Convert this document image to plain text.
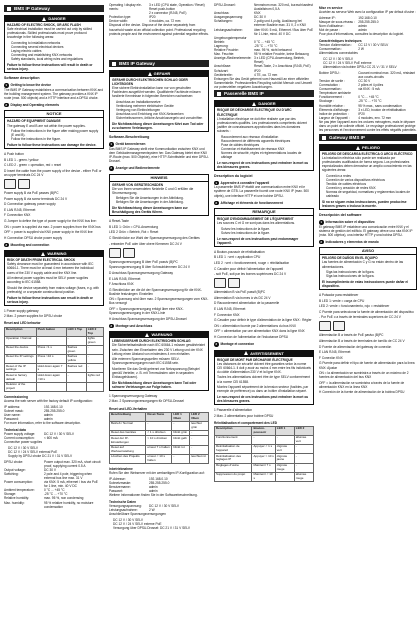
BMS IP Gateway
DANGER
HAZARD OF ELECTRIC SHOCK, OR ARC FLASH

Safe electrical installation must be carried out only by skilled professionals. Skilled professionals must prove profound knowledge in the following areas:

• Connecting to installation networks
• Connecting several electrical devices
• Laying electric cables
• Connecting and establishing KNX networks
• Safety standards, local wiring rules and regulations
Failure to follow these instructions will result in death or serious injury.
Software description
1 Getting to know the device

The BMS IP Gateway establishes a communication between KNX and the building management system. The gateway provides a KNX IP route (max. 500 objects) and a HTTP interface and a DPSU choke.

2 Display and Operating elements
NOTICE
HAZARD OF EQUIPMENT DAMAGE

The gateway E and B are not within the power supplies.

• Follow the instructions in the figure after making power supply (E and B).
• Follow the instructions in the figure.
Failure to follow these instructions can damage the device.

A Push button

B LED 1 - green / yellow

C LED 2 - green = operation, red = reset

D Insert the cable from the power supply of the device - either PoE or an upper terminals DC 24 V

Power supply B via PoE passes (B)PC

Power supply B via screw terminals DC 24 V

D Connection gateway power supply

E LAN RJ45, Ethernet

F Connection KNX

G Jumper to define the type of power supply for the KNX bus line:

ON = power is supplied via max. 2 power supplies from the KNX bus

OFF = power is supplied via KNX power supply in the KNX line

H Connection DPSU choke power supply

3 Mounting and connection
WARNING
RISK OF DEATH FROM ELECTRICAL SHOCK

Safety clearance must be guaranteed in accordance with IEC 60664-1. There must be at least 4 mm between the individual cores of the 230 V supply cable and the KNX line.

All external power supplies must be SELV power supplies according to IEC 61558.

Should the device separately from mains voltage (fuses, e.g. with preferably) or a separate constructional position.

Failure to follow these instructions can result in death or serious injury.

1 Power supply gateway

2 Max. 2 power supplies for DPSU choke

Reset and LED behavior
Description	Push button	LED 1 Top	LED 2 Top
Operation / Normal	-	-	lights green
Reset the device	Press <1 s	flashes green	-
Reset the IP settings	Press >10 s	flashes yellow	-
Reset of the IP settings	Hold down again 7 s	flashes red	-
Reset to factory default	Hold down again <10 s	-	lights red
Deletion of the project			
Commissioning

Access the web server with the factory default IP configuration:

IP address:	192.168.0.10
Subnet mask:	255.255.255.0
User name:	admin
Password:	admin

For more information, refer to the software description.

Technical data
Power supply voltage:	DC 12 V / 30 V SELV
Current consumption:	< 600 mA

Connective power supplies

• DC 12 V / 30 V SELV
• DC 12 V / 24 V SELV external PoE
• Supply by DPSU choke DC 21 V / 31 V SELV
DPSU choke:	Power output max. 320 mA, short circuit proof, supplying current 0.5 A
Output voltage:	DC 30 V
Switching:	2 pole and 4 pole, triggering when external bus line max. 31 V
Power consumption:	via KNX: 5 mA, ethernet / bus via PoE
for 1 line, min. 40 V DC
Ambient temperature:	0 °C ... +45 °C
Storage:	-25 °C ... +70 °C
Relative humidity:	max. 95 %, non condensing
Max. humidity:	95 % relative humidity, no moisture condensation
Operating / display ele-	3 x LED (CPU state, Operation / Reset)
ments:	Reset push-button
2 x connector (RJ45, PoE)
Protection type:	IP20
Device width:	4 modules, ca. 72 mm

Disposal of the device. Dispose of the device separately from household waste at an official collection point. Professional recycling protects people and the environment against potential negative effects.

BMS IP Gateway
GEFAHR
GEFAHR DURCH ELEKTRISCHEN SCHLAG ODER LICHTBOGEN

Eine sichere Elektroinstallation kann nur von geschulten Fachleuten ausgeführt werden. Qualifizierte Fachleute müssen fundierte Kenntnisse in folgenden Bereichen nachweisen:

• Anschluss an Installationsnetze
• Verbindung mehrerer elektrischer Geräte
• Verlegung von Elektroleitungen
• Anschluss und Errichtung von KNX-Netzwerken
• Sicherheitsnormen, örtliche Anschlussregeln und vorschriften
Die Nichtbeachtung dieser Anweisungen führt zum Tod oder zu schweren Verletzungen.
Software-Beschreibung
1 Gerät kennenlernen

Das BMS IP Gateway stellt eine Kommunikation zwischen KNX und dem Gebäudemanagementsystem her. Das Gateway bietet eine KNX IP-Route (max. 500 Objekte), eine HTTP-Schnittstelle und eine DPSU-Drossel.

2 Anzeige und Bedienelemente
HINWEIS
GEFAHR VON GERÄTESCHÄDEN

Die von Ihnen verwendeten Netzteile C und G erfüllen die Stromversorgung.

• Befolgen Sie die Anweisungen in der Abbildung.
• Befolgen Sie die Anweisungen in der Abbildung.
Die Nichtbeachtung dieser Anweisungen kann zur Beschädigung des Geräts führen.

A Reset-Taste

B LED 1: Grün = CPU-Anwendung

LED 2 Grün = Betrieb, Rot = Reset

C Steckbrücke zur Wahl der Spannungsversorgung des Gerätes

- entweder PoE oder über obere Klemmen DC 24 V

Spannungsversorgung B über PoE passiv (B)PC

Spannungsversorgung B über Schraubklemmen DC 24 V

D Anschluss Spannungsversorgung Gateway

E LAN RJ45, Ethernet

F Anschluss KNX

G Steckbrücke um die Art der Spannungsversorgung für die KNX-Buslinie festzulegen: Einstellen

ON = Spannung wird über max. 2 Spannungsversorgungen vom KNX-Bus versorgt

OFF = Spannungsversorgung erfolgt über eine KNX-Spannungsversorgung in der KNX-Linie

H Anschluss Spannungsversorgung der DPSU-Drossel

3 Montage und Anschluss
WARNUNG
LEBENSGEFAHR DURCH ELEKTRISCHEN SCHLAG

Die Sicherheitsabstände nach IEC 60664-1 müssen gewährleistet sein. Zwischen den Einzeladern des 230 V Leitung und der KNX Leitung einen Abstand von mindestens 4 mm einhalten.

Alle externen Spannungsquellen müssen SELV-Spannungsversorgungen nach IEC 61558 sein.

Montieren Sie das Gerät getrennt von Netzspannung (Beispiel gemäß Verteiler, z. B. mit Trennwänden oder in separaten Einbaugehäusen).

Die Nichtbeachtung dieser Anweisungen kann Tod oder schwere Verletzungen zur Folge haben.

1 Spannungsversorgung Gateway

2 Max. 2 Spannungsversorgungen für DPSU-Drossel

Reset und LED-Verhalten
Beschreibung	Reset-Taste	LED 1 Oben	LED 2 Oben
Betrieb / Normal	-	-	leuchtet grün
Reset des Gerätes	< 1 s drücken	blinkt grün	-
Reset der IP-Einstellungen	> 10 s drücken	blinkt gelb	-
Reset auf Werkseinstellung	erneut 7 s halten	blinkt rot	-
Löschen des Projekts	erneut < 10 s halten	-	leuchtet rot
Inbetriebnahme

Rufen Sie den Webserver mit der werkseitigen IP-Konfiguration auf:

IP-Adresse:	192.168.0.10
Subnetzmaske:	255.255.255.0
Benutzername:	admin
Passwort:	admin

Weitere Informationen finden Sie in der Softwarebeschreibung.

Technische Daten
Versorgungsspannung:	DC 12 V / 30 V SELV
Leistungsaufnahme:	2 W

Anschließbare Spannungsversorgungen

• DC 12 V / 30 V SELV
• DC 12 V / 24 V SELV externe PoE
• Versorgung über DPSU-Drossel: DC 21 V / 31 V SELV
DPSU-Drossel:	Nennstrom max. 320 mA, kurzschlussfest
Ausfallstrom 0,5 A
Anschluss:	KNX
Ausgangsspannung:	DC 30 V
Schaltungen:	2-polig und 4-polig, Auslösung bei externer Buslinie max. 31 V, 2 x KNX
Leistungsaufnahme:	über KNX: 5 mA, Ethernet / Bus über PoE
für 1 Linie, mind. 40 V DC
Umgebungstemperatur
Betrieb:	0 °C ... +45 °C
Lagerung:	-25 °C ... +70 °C
Relative Feuchte:	max. 95 %, nicht betauend
Max. Feuchte:	95 % relative Feuchte, keine Betauung
Anzeige-/Bedienelemente: 3 x LED (CPU-Anwendung, Betrieb, Reset)
Anschlüsse:	Reset-Taste, 2 x Anschluss (RJ45, PoE)
Schutzart:	IP20
Gerätebreite:	4 TE, ca. 72 mm

Entsorgen Sie das Gerät getrennt vom Hausmüll an einer offiziellen Sammelstelle. Professionelles Recycling schützt Mensch und Umwelt vor potenziellen negativen Auswirkungen.

Passerelle BMS IP
DANGER
RISQUE DE DÉCHARGE ÉLECTRIQUE OU D'ARC ÉLECTRIQUE

L'installation électrique ne doit être réalisée que par des professionnels qualifiés. Les professionnels compétents doivent justifier de connaissances approfondies dans les domaines suivants :

• Raccordement aux réseaux d'installation
• Raccordement de différents appareils électriques
• Pose de câbles électriques
• Connexion et établissement de réseaux KNX
• Normes de sécurité, règles et réglementations locales de câblage
Le non-respect de ces instructions peut entraîner la mort ou des blessures graves.
Description du logiciel
1 Apprendre à connaître l'appareil

La passerelle BMS IP établit une communication entre KNX et le système de GTB. La passerelle fournit une route KNX IP (max. 500 objets), une interface HTTP et une bobine DPSU.

2 Affichage et éléments de fonctionnement
REMARQUE
RISQUE D'ENDOMMAGEMENT DE L'ÉQUIPEMENT

Les sources C et G ne sont pas dans les alimentations.

• Suivez les instructions de la figure.
• Suivez les instructions de la figure.
Le non-respect de ces instructions peut endommager l'appareil.

A Bouton-poussoir de réinitialisation

B LED 1 : vert = application CPU

LED 2 : vert = fonctionnement, rouge = réinitialisation

C Cavalier pour définir l'alimentation de l'appareil

- soit PoE, soit par les bornes supérieures DC 24 V

Alimentation B via PoE passif (B)PC

Alimentation B via bornes à vis DC 24 V

D Raccordement alimentation de la passerelle

E LAN RJ45, Ethernet

F Connexion KNX

G Cavalier pour définir le type d'alimentation de la ligne KNX : Régler

ON = alimentation fournie par 2 alimentations du bus KNX

OFF = alimentation par une alimentation KNX dans la ligne KNX

H Connexion de l'alimentation de l'inductance DPSU

3 Montage et connexion
AVERTISSEMENT
RISQUE DE MORT PAR DÉCHARGE ÉLECTRIQUE

Les distances de sécurité doivent être garanties selon la norme CEI 60664-1. Il doit y avoir au moins 4 mm entre les fils individuels du câble d'alimentation 230 V et la ligne KNX.

Toutes les alimentations doivent être de type SELV conformément à la norme CEI 61558.

Montez l'appareil séparément de la tension secteur (fusibles, par exemple de préférence) ou dans un boîtier d'installation séparé.

Le non-respect de ces instructions peut entraîner la mort ou des blessures graves.

1 Passerelle d'alimentation

2 Max. 2 alimentations pour bobine DPSU

Réinitialisation et comportement des LED
Description	Bouton-poussoir	LED 1	LED 2
Fonctionnement	-	-	allumée vert
Réinitialisation de l'appareil	Appuyer < 1 s	clignote vert	-
Réinitialisation des réglages IP	Appuyer > 10 s	clignote jaune	-
Réglages d'usine	Maintenir 7 s	clignote rouge	-
Suppression du projet	Maintenir < 10 s	-	allumée rouge
Mise en service

Accéder au serveur Web avec la configuration IP par défaut d'usine :

Adresse IP :	192.168.0.10
Masque de sous-réseau :	255.255.255.0
Nom d'utilisateur :	admin
Mot de passe :	admin

Pour plus d'informations, consultez la description du logiciel.

Caractéristiques techniques
Tension d'alimentation :	CC 12 V / 30 V SELV
Consommation :	2 W

Alimentations connectables

• CC 12 V / 30 V SELV
• CC 12 V / 24 V SELV PoE externe
• Alimentation via bobine DPSU CC 21 V / 31 V SELV
Bobine DPSU :	Courant nominal max. 320 mA, résistant aux courts-circuits
Tension de sortie :	CC 30 V
Commutation :	2 pôles et 4 pôles
Consommation :	via KNX : 5 mA
Température ambiante
Fonctionnement :	0 °C ... +45 °C
Stockage :	-25 °C ... +70 °C
Humidité relative :	95 % max., sans condensation
Éléments d'affichage :	3 x LED, bouton de réinitialisation
Indice de protection :	IP20
Largeur de l'appareil :	4 modules, env. 72 mm

Ne pas jeter l'appareil avec les ordures ménagères, mais le déposer dans un point de collecte officiel. Le recyclage professionnel protège les personnes et l'environnement contre les effets négatifs potentiels.

Gateway BMS IP
PELIGRO
PELIGRO DE DESCARGA ELÉCTRICA O ARCO ELÉCTRICO

La instalación eléctrica sólo puede ser realizada por profesionales cualificados de forma segura. Los profesionales especializados deben demostrar un amplio conocimiento en las siguientes áreas:

• Conexión a redes
• Conexión de varios dispositivos eléctricos
• Tendido de cables eléctricos
• Conexión y creación de redes KNX
• Normas de seguridad, normativas y reglamentos locales de cableado
Si no se siguen estas instrucciones, pueden producirse lesiones graves o incluso la muerte.
Descripción del software
1 Información sobre el dispositivo

El gateway BMS IP establece una comunicación entre KNX y el sistema de gestión del edificio. El gateway ofrece una ruta KNX IP (máx. 500 objetos), una interfaz HTTP y una bobina DPSU.

2 Indicadores y elementos de mando
AVISO
PELIGRO DE DAÑOS EN EL EQUIPO

Las fuentes de alimentación C y G no están dentro de las alimentaciones.

• Siga las instrucciones de la figura.
• Siga las instrucciones de la figura.
El incumplimiento de estas instrucciones puede dañar el dispositivo.

A Pulsador para restablecer

B LED 1: verde = carga de CPU

LED 2: verde = funcionamiento, rojo = restablecer

C Puente para seleccionar la fuente de alimentación del dispositivo

- Por PoE o a través de terminales superiores de CC 24 V

Alimentación B a través de PoE pasivo (B)PC

Alimentación B a través de terminales de tornillo de CC 24 V

D Fuente de alimentación del gateway de conexión

E LAN RJ45, Ethernet

F Conexión KNX

G Puente para definir el tipo de fuente de alimentación para la línea KNX: Ajustar

ON = la alimentación se suministra a través de un máximo de 2 fuentes de alimentación del bus KNX

OFF = la alimentación se suministra a través de la fuente de alimentación KNX en la línea KNX

H Conexión de la fuente de alimentación de la bobina DPSU
